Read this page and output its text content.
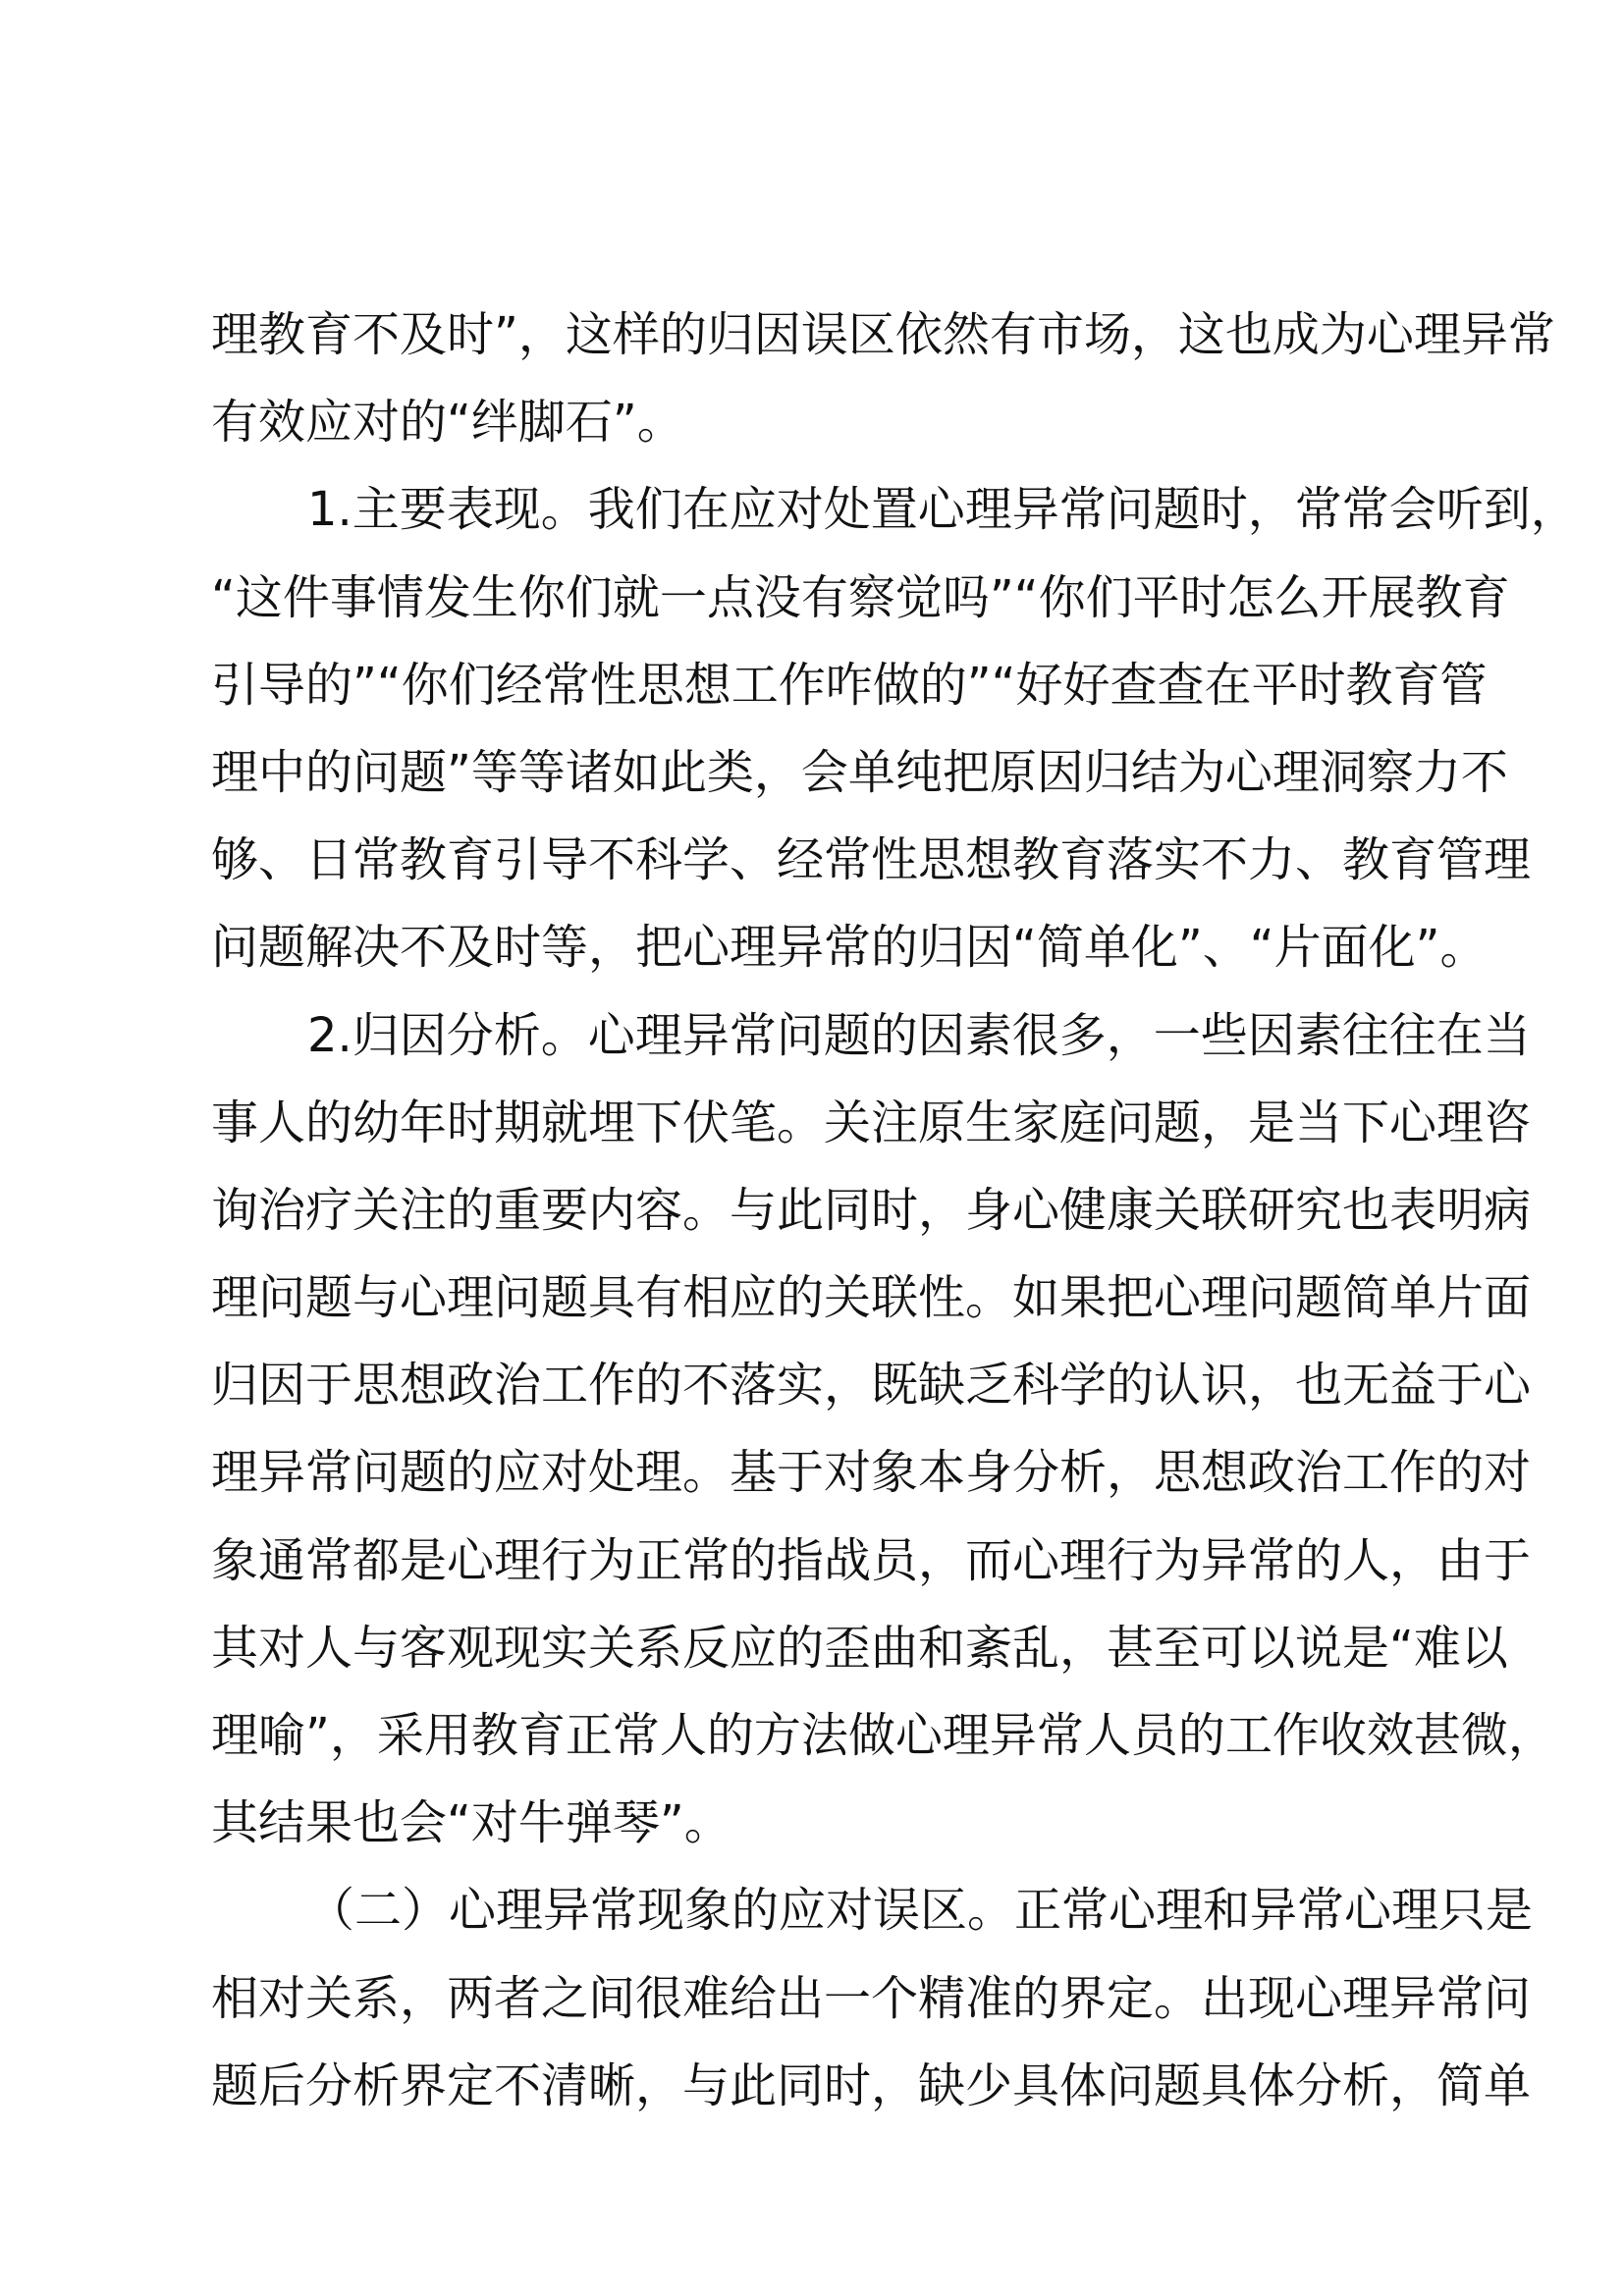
理教育不及时”，这样的归因误区依然有市场，这也成为心理异常
有效应对的“绊脚石”。
1.主要表现。我们在应对处置心理异常问题时，常常会听到，
“这件事情发生你们就一点没有察觉吗”“你们平时怎么开展教育
引导的”“你们经常性思想工作咋做的”“好好查查在平时教育管
理中的问题”等等诸如此类，会单纯把原因归结为心理洞察力不
够、日常教育引导不科学、经常性思想教育落实不力、教育管理
问题解决不及时等，把心理异常的归因“简单化”、“片面化”。
2.归因分析。心理异常问题的因素很多，一些因素往往在当
事人的幼年时期就埋下伏笔。关注原生家庭问题，是当下心理咨
询治疗关注的重要内容。与此同时，身心健康关联研究也表明病
理问题与心理问题具有相应的关联性。如果把心理问题简单片面
归因于思想政治工作的不落实，既缺乏科学的认识，也无益于心
理异常问题的应对处理。基于对象本身分析，思想政治工作的对
象通常都是心理行为正常的指战员，而心理行为异常的人，由于
其对人与客观现实关系反应的歪曲和紊乱，甚至可以说是“难以
理喻”，采用教育正常人的方法做心理异常人员的工作收效甚微，
其结果也会“对牛弹琴”。
（二）心理异常现象的应对误区。正常心理和异常心理只是
相对关系，两者之间很难给出一个精准的界定。出现心理异常问
题后分析界定不清晰，与此同时，缺少具体问题具体分析，简单
